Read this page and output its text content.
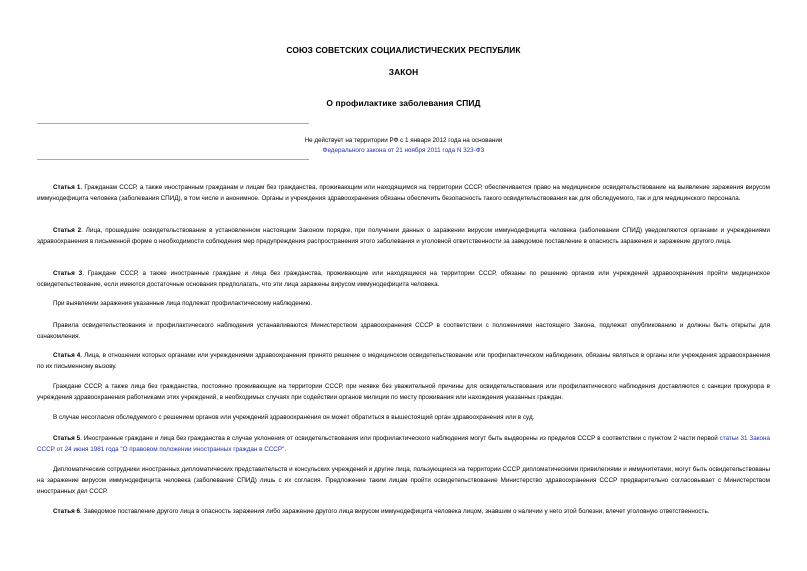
СОЮЗ СОВЕТСКИХ СОЦИАЛИСТИЧЕСКИХ РЕСПУБЛИК
ЗАКОН
О профилактике заболевания СПИД
Не действует на территории РФ с 1 января 2012 года на основании
Федерального закона от 21 ноября 2011 года N 323-ФЗ
Статья 1. Гражданам СССР, а также иностранным гражданам и лицам без гражданства, проживающим или находящимся на территории СССР, обеспечивается право на медицинское освидетельствование на выявление заражения вирусом иммунодефицита человека (заболевания СПИД), в том числе и анонимное. Органы и учреждения здравоохранения обязаны обеспечить безопасность такого освидетельствования как для обследуемого, так и для медицинского персонала.
Статья 2. Лица, прошедшие освидетельствование в установленном настоящим Законом порядке, при получении данных о заражении вирусом иммунодефицита человека (заболевании СПИД) уведомляются органами и учреждениями здравоохранения в письменной форме о необходимости соблюдения мер предупреждения распространения этого заболевания и уголовной ответственности за заведомое поставление в опасность заражения и заражение другого лица.
Статья 3. Граждане СССР, а также иностранные граждане и лица без гражданства, проживающие или находящиеся на территории СССР, обязаны по решению органов или учреждений здравоохранения пройти медицинское освидетельствование, если имеются достаточные основания предполагать, что эти лица заражены вирусом иммунодефицита человека.
При выявлении заражения указанные лица подлежат профилактическому наблюдению.
Правила освидетельствования и профилактического наблюдения устанавливаются Министерством здравоохранения СССР в соответствии с положениями настоящего Закона, подлежат опубликованию и должны быть открыты для ознакомления.
Статья 4. Лица, в отношении которых органами или учреждениями здравоохранения принято решение о медицинском освидетельствовании или профилактическом наблюдении, обязаны являться в органы или учреждения здравоохранения по их письменному вызову.
Граждане СССР, а также лица без гражданства, постоянно проживающие на территории СССР, при неявке без уважительной причины для освидетельствования или профилактического наблюдения доставляются с санкции прокурора в учреждения здравоохранения работниками этих учреждений, в необходимых случаях при содействии органов милиции по месту проживания или нахождения указанных граждан.
В случае несогласия обследуемого с решением органов или учреждений здравоохранения он может обратиться в вышестоящий орган здравоохранения или в суд.
Статья 5. Иностранные граждане и лица без гражданства в случае уклонения от освидетельствования или профилактического наблюдения могут быть выдворены из пределов СССР в соответствии с пунктом 2 части первой статьи 31 Закона СССР от 24 июня 1981 года "О правовом положении иностранных граждан в СССР".
Дипломатические сотрудники иностранных дипломатических представительств и консульских учреждений и другие лица, пользующиеся на территории СССР дипломатическими привилегиями и иммунитетами, могут быть освидетельствованы на заражение вирусом иммунодефицита человека (заболевание СПИД) лишь с их согласия. Предложение таким лицам пройти освидетельствование Министерство здравоохранения СССР предварительно согласовывает с Министерством иностранных дел СССР.
Статья 6. Заведомое поставление другого лица в опасность заражения либо заражение другого лица вирусом иммунодефицита человека лицом, знавшим о наличии у него этой болезни, влечет уголовную ответственность.
